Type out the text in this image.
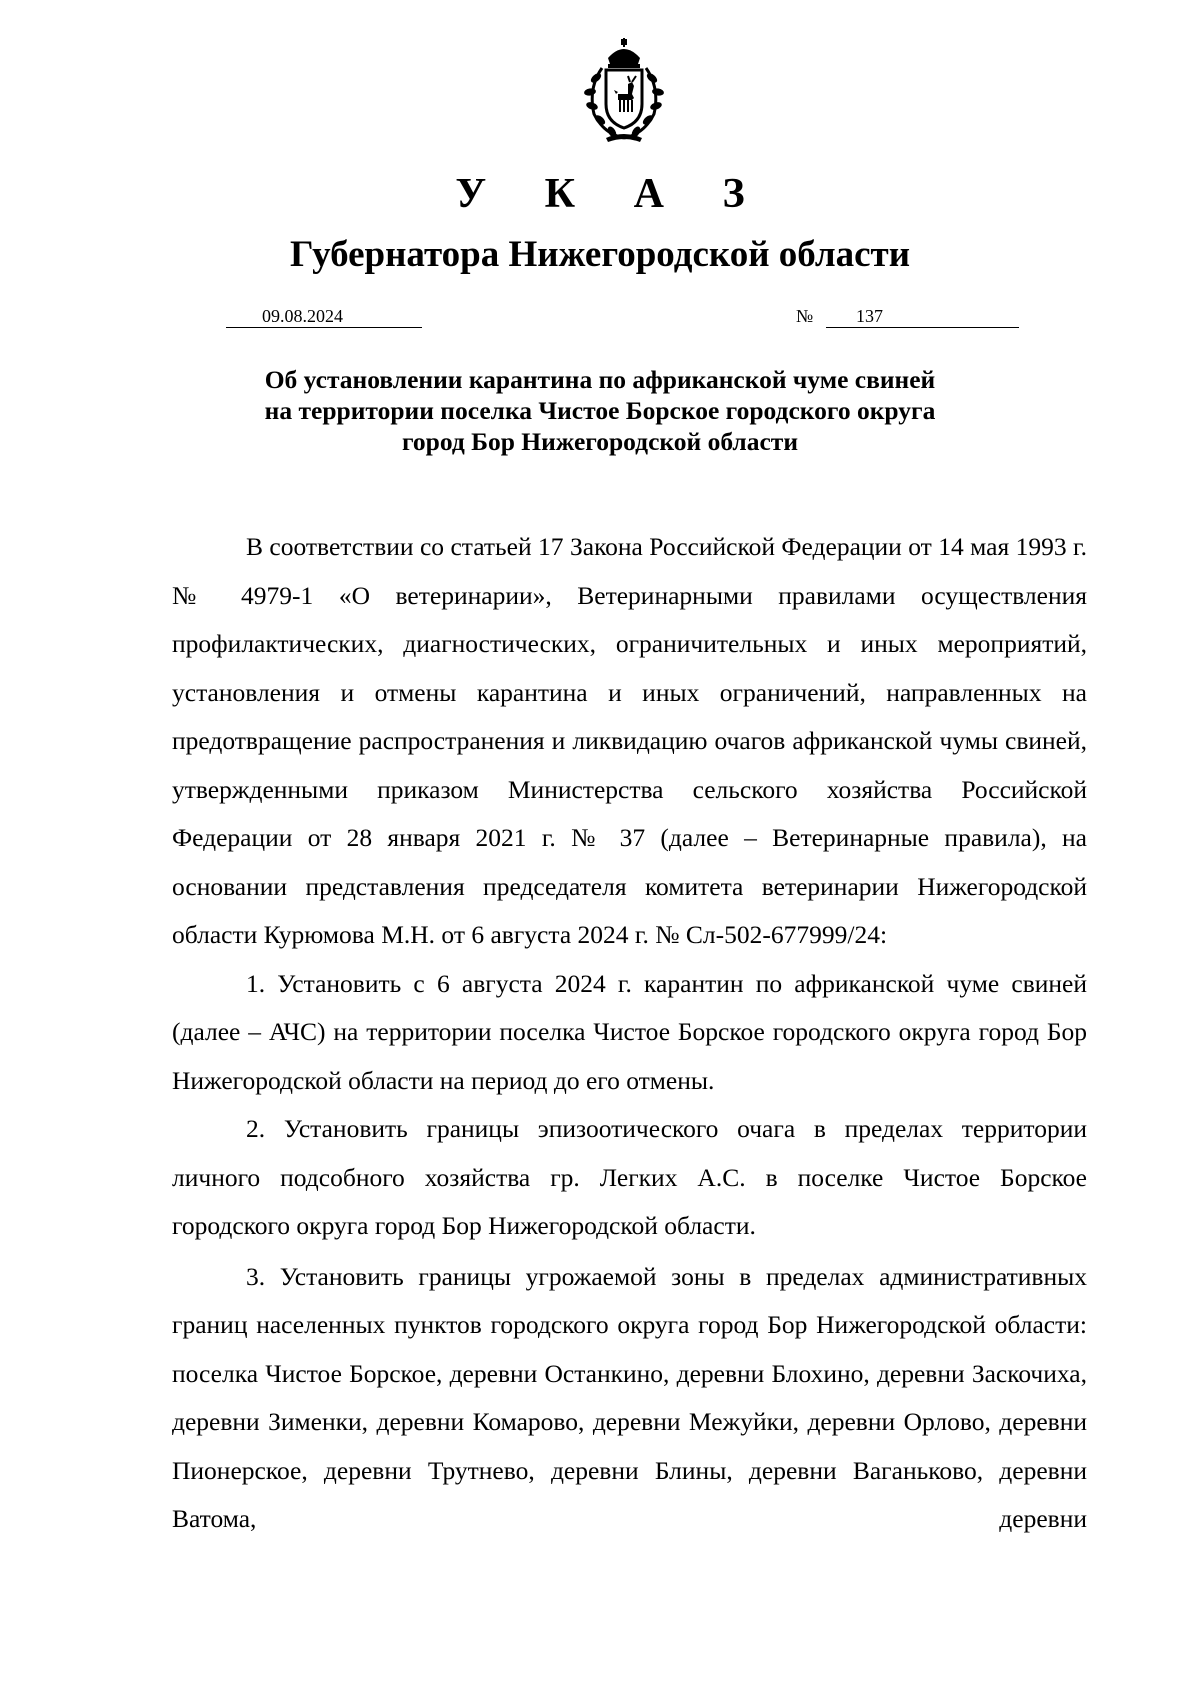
У К А З
Губернатора Нижегородской области
09.08.2024	№	137
Об установлении карантина по африканской чуме свиней
на территории поселка Чистое Борское городского округа
город Бор Нижегородской области

В соответствии со статьей 17 Закона Российской Федерации от 14 мая 1993 г. № 4979-1 «О ветеринарии», Ветеринарными правилами осуществления профилактических, диагностических, ограничительных и иных мероприятий, установления и отмены карантина и иных ограничений, направленных на предотвращение распространения и ликвидацию очагов африканской чумы свиней, утвержденными приказом Министерства сельского хозяйства Российской Федерации от 28 января 2021 г. № 37 (далее – Ветеринарные правила), на основании представления председателя комитета ветеринарии Нижегородской области Курюмова М.Н. от 6 августа 2024 г. № Сл-502-677999/24:

1. Установить с 6 августа 2024 г. карантин по африканской чуме свиней (далее – АЧС) на территории поселка Чистое Борское городского округа город Бор Нижегородской области на период до его отмены.

2. Установить границы эпизоотического очага в пределах территории личного подсобного хозяйства гр. Легких А.С. в поселке Чистое Борское городского округа город Бор Нижегородской области.

3. Установить границы угрожаемой зоны в пределах административных границ населенных пунктов городского округа город Бор Нижегородской области: поселка Чистое Борское, деревни Останкино, деревни Блохино, деревни Заскочиха, деревни Зименки, деревни Комарово, деревни Межуйки, деревни Орлово, деревни Пионерское, деревни Трутнево, деревни Блины, деревни Ваганьково, деревни Ватома, деревни
